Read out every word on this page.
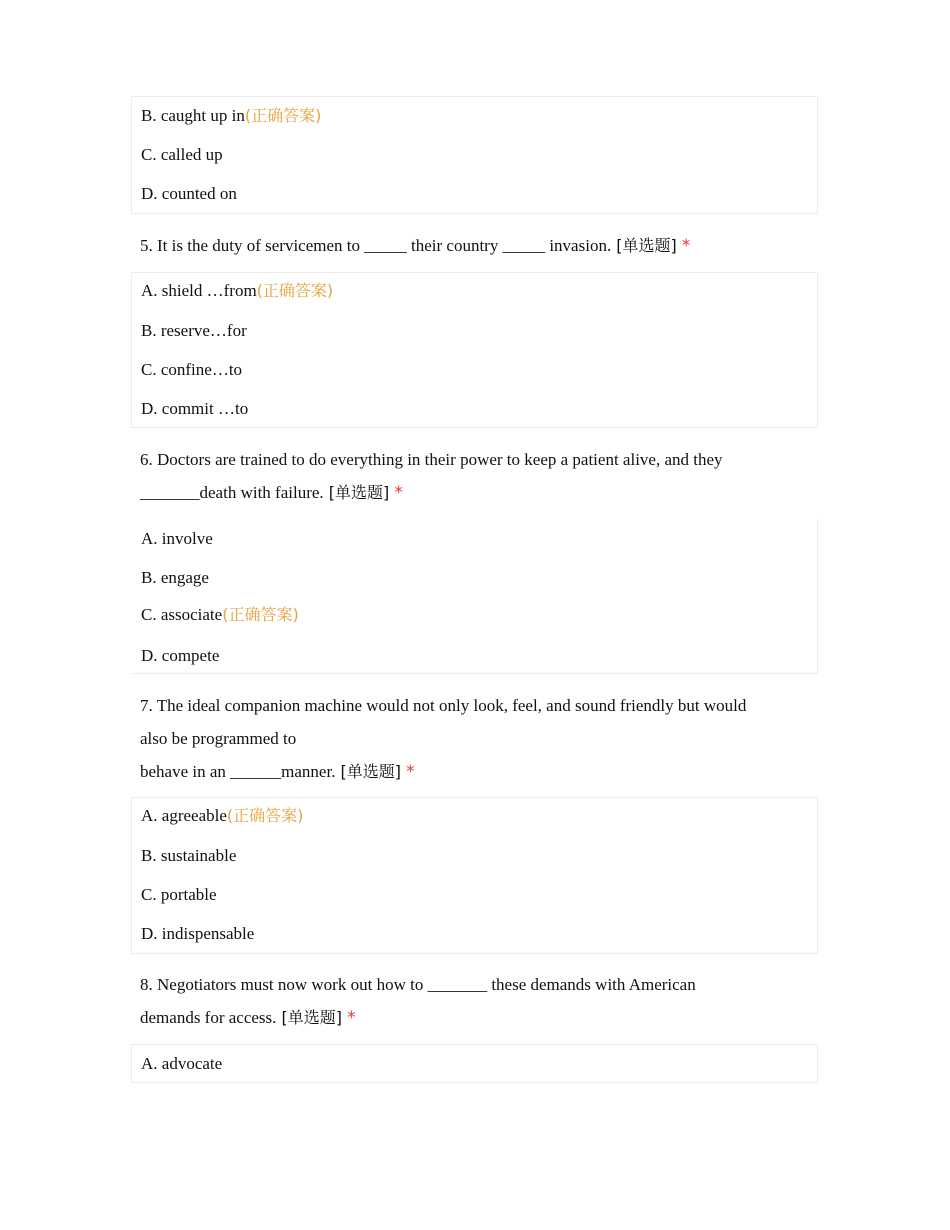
B. caught up in(正确答案)
C. called up
D. counted on
5. It is the duty of servicemen to _____ their country _____ invasion. [单选题] *
A. shield …from(正确答案)
B. reserve…for
C. confine…to
D. commit …to
6. Doctors are trained to do everything in their power to keep a patient alive, and they
_______death with failure. [单选题] *
A. involve
B. engage
C. associate(正确答案)
D. compete
7. The ideal companion machine would not only look, feel, and sound friendly but would
also be programmed to
behave in an ______manner. [单选题] *
A. agreeable(正确答案)
B. sustainable
C. portable
D. indispensable
8. Negotiators must now work out how to _______ these demands with American
demands for access. [单选题] *
A. advocate
